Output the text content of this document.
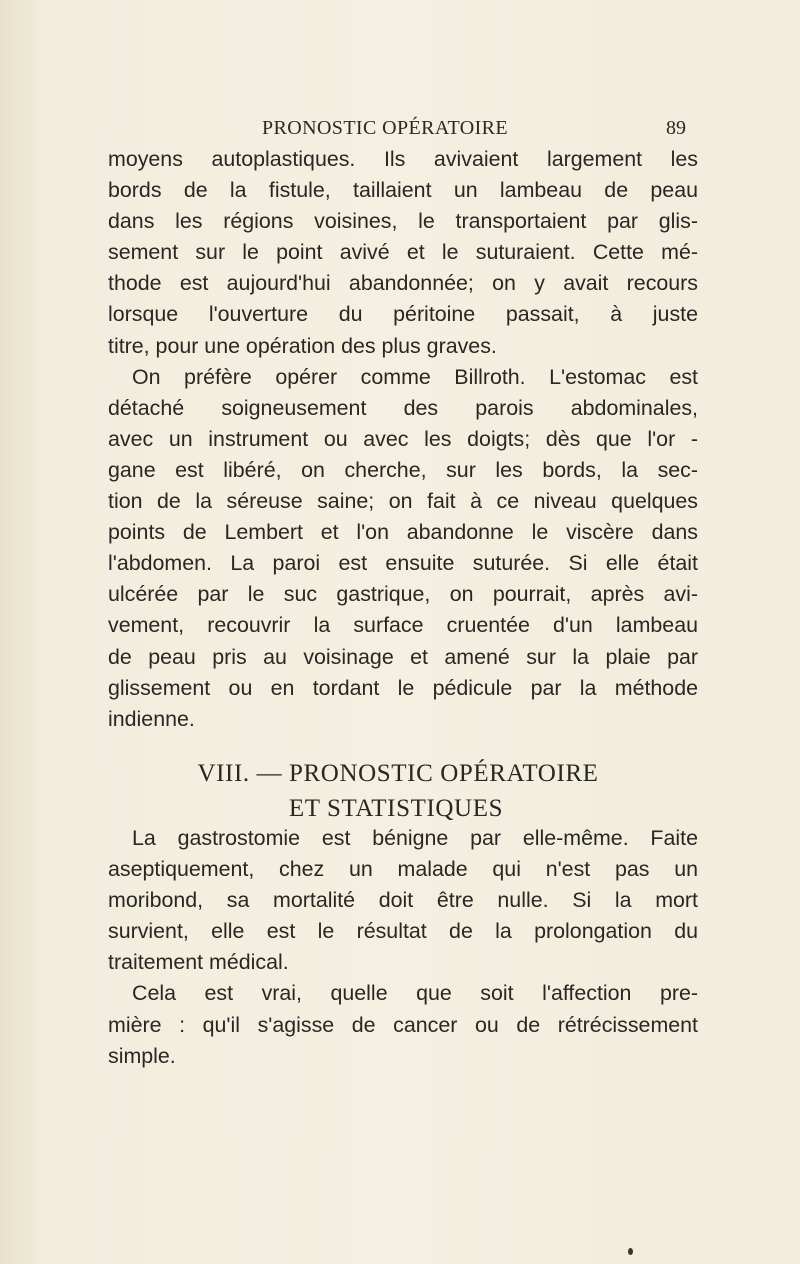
PRONOSTIC OPÉRATOIRE	89
moyens autoplastiques. Ils avivaient largement les
bords de la fistule, taillaient un lambeau de peau
dans les régions voisines, le transportaient par glis-
sement sur le point avivé et le suturaient. Cette mé-
thode est aujourd'hui abandonnée; on y avait recours
lorsque l'ouverture du péritoine passait, à juste
titre, pour une opération des plus graves.
On préfère opérer comme Billroth. L'estomac est
détaché soigneusement des parois abdominales,
avec un instrument ou avec les doigts; dès que l'or -
gane est libéré, on cherche, sur les bords, la sec-
tion de la séreuse saine; on fait à ce niveau quelques
points de Lembert et l'on abandonne le viscère dans
l'abdomen. La paroi est ensuite suturée. Si elle était
ulcérée par le suc gastrique, on pourrait, après avi-
vement, recouvrir la surface cruentée d'un lambeau
de peau pris au voisinage et amené sur la plaie par
glissement ou en tordant le pédicule par la méthode
indienne.
VIII. — PRONOSTIC OPÉRATOIRE
ET STATISTIQUES
La gastrostomie est bénigne par elle-même. Faite
aseptiquement, chez un malade qui n'est pas un
moribond, sa mortalité doit être nulle. Si la mort
survient, elle est le résultat de la prolongation du
traitement médical.
Cela est vrai, quelle que soit l'affection pre-
mière : qu'il s'agisse de cancer ou de rétrécissement
simple.
